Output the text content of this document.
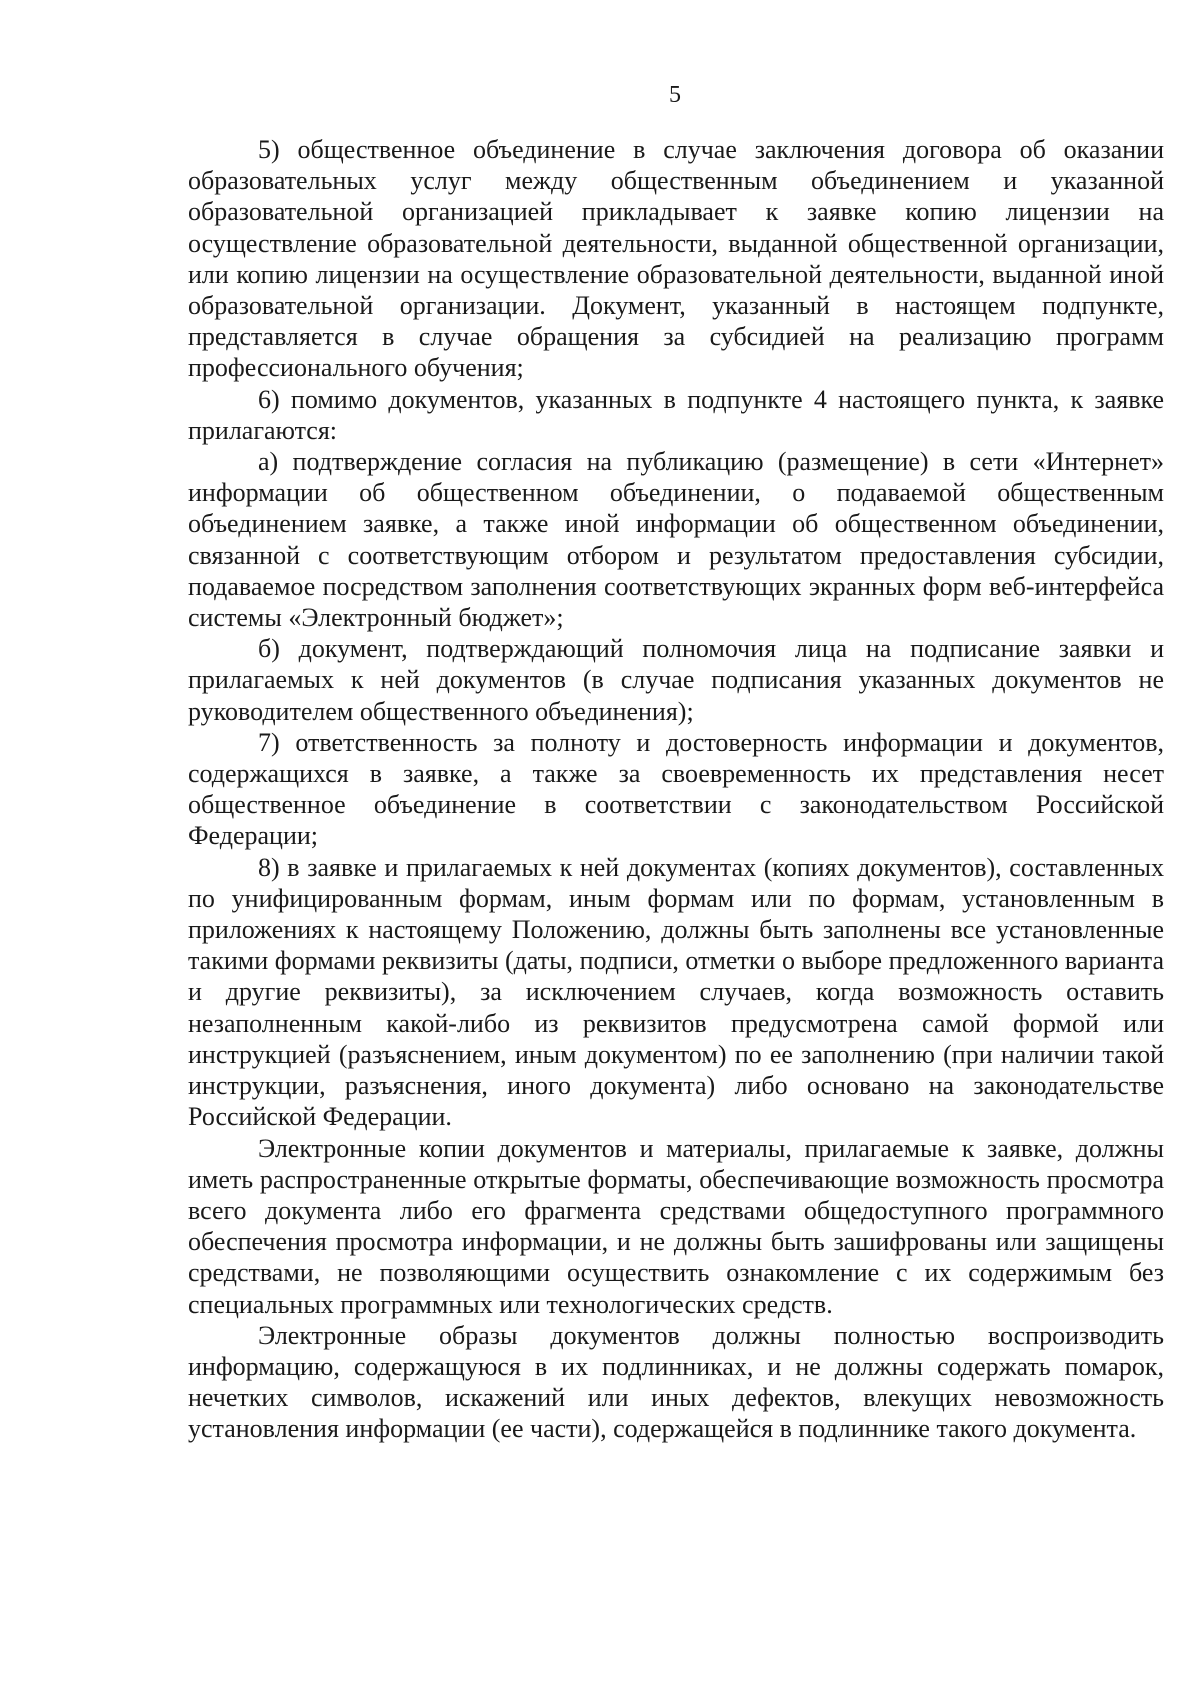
5

5) общественное объединение в случае заключения договора об оказании образовательных услуг между общественным объединением и указанной образовательной организацией прикладывает к заявке копию лицензии на осуществление образовательной деятельности, выданной общественной организации, или копию лицензии на осуществление образовательной деятельности, выданной иной образовательной организации. Документ, указанный в настоящем подпункте, представляется в случае обращения за субсидией на реализацию программ профессионального обучения;

6) помимо документов, указанных в подпункте 4 настоящего пункта, к заявке прилагаются:

а) подтверждение согласия на публикацию (размещение) в сети «Интернет» информации об общественном объединении, о подаваемой общественным объединением заявке, а также иной информации об общественном объединении, связанной с соответствующим отбором и результатом предоставления субсидии, подаваемое посредством заполнения соответствующих экранных форм веб-интерфейса системы «Электронный бюджет»;

б) документ, подтверждающий полномочия лица на подписание заявки и прилагаемых к ней документов (в случае подписания указанных документов не руководителем общественного объединения);

7) ответственность за полноту и достоверность информации и документов, содержащихся в заявке, а также за своевременность их представления несет общественное объединение в соответствии с законодательством Российской Федерации;

8) в заявке и прилагаемых к ней документах (копиях документов), составленных по унифицированным формам, иным формам или по формам, установленным в приложениях к настоящему Положению, должны быть заполнены все установленные такими формами реквизиты (даты, подписи, отметки о выборе предложенного варианта и другие реквизиты), за исключением случаев, когда возможность оставить незаполненным какой-либо из реквизитов предусмотрена самой формой или инструкцией (разъяснением, иным документом) по ее заполнению (при наличии такой инструкции, разъяснения, иного документа) либо основано на законодательстве Российской Федерации.

Электронные копии документов и материалы, прилагаемые к заявке, должны иметь распространенные открытые форматы, обеспечивающие возможность просмотра всего документа либо его фрагмента средствами общедоступного программного обеспечения просмотра информации, и не должны быть зашифрованы или защищены средствами, не позволяющими осуществить ознакомление с их содержимым без специальных программных или технологических средств.

Электронные образы документов должны полностью воспроизводить информацию, содержащуюся в их подлинниках, и не должны содержать помарок, нечетких символов, искажений или иных дефектов, влекущих невозможность установления информации (ее части), содержащейся в подлиннике такого документа.
